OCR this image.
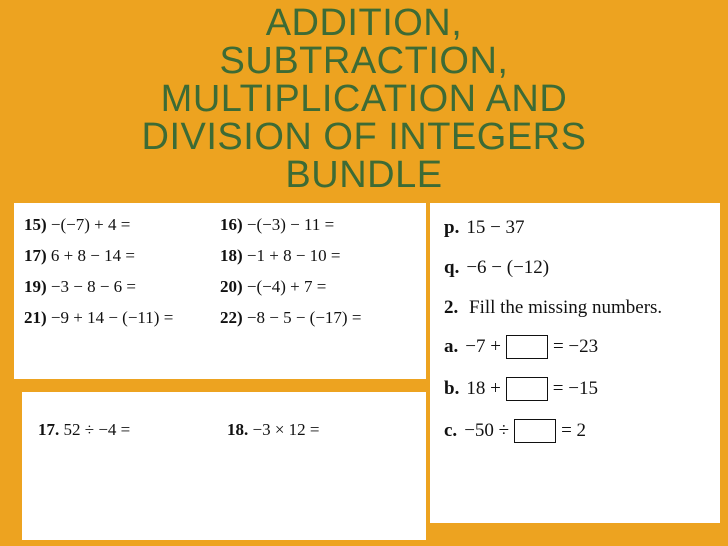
ADDITION,
SUBTRACTION,
MULTIPLICATION AND
DIVISION OF INTEGERS
BUNDLE
15) −(−7) + 4 =	16) −(−3) − 11 =
17) 6 + 8 − 14 =	18) −1 + 8 − 10 =
19) −3 − 8 − 6 =	20) −(−4) + 7 =
21) −9 + 14 − (−11) =	22) −8 − 5 − (−17) =
17. 52 ÷ −4 =	18. −3 × 12 =
p. 15 − 37
q. −6 − (−12)
2. Fill the missing numbers.
a. −7 +	= −23
b. 18 +	= −15
c. −50 ÷	= 2
